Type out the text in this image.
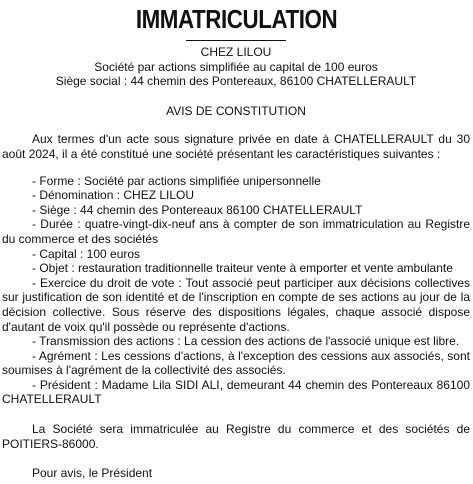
IMMATRICULATION

CHEZ LILOU

Société par actions simplifiée au capital de 100 euros

Siège social : 44 chemin des Pontereaux, 86100 CHATELLERAULT

AVIS DE CONSTITUTION

Aux termes d'un acte sous signature privée en date à CHATELLERAULT du 30 août 2024, il a été constitué une société présentant les caractéristiques suivantes :

- Forme : Société par actions simplifiée unipersonnelle

- Dénomination : CHEZ LILOU

- Siège : 44 chemin des Pontereaux 86100 CHATELLERAULT

- Durée : quatre-vingt-dix-neuf ans à compter de son immatriculation au Registre du commerce et des sociétés

- Capital : 100 euros

- Objet : restauration traditionnelle traiteur vente à emporter et vente ambulante

- Exercice du droit de vote : Tout associé peut participer aux décisions collectives sur justification de son identité et de l'inscription en compte de ses actions au jour de la décision collective. Sous réserve des dispositions légales, chaque associé dispose d'autant de voix qu'il possède ou représente d'actions.

- Transmission des actions : La cession des actions de l'associé unique est libre.

- Agrément : Les cessions d'actions, à l'exception des cessions aux associés, sont soumises à l'agrément de la collectivité des associés.

- Président : Madame Lila SIDI ALI, demeurant 44 chemin des Pontereaux 86100 CHATELLERAULT

La Société sera immatriculée au Registre du commerce et des sociétés de POITIERS-86000.

Pour avis, le Président
